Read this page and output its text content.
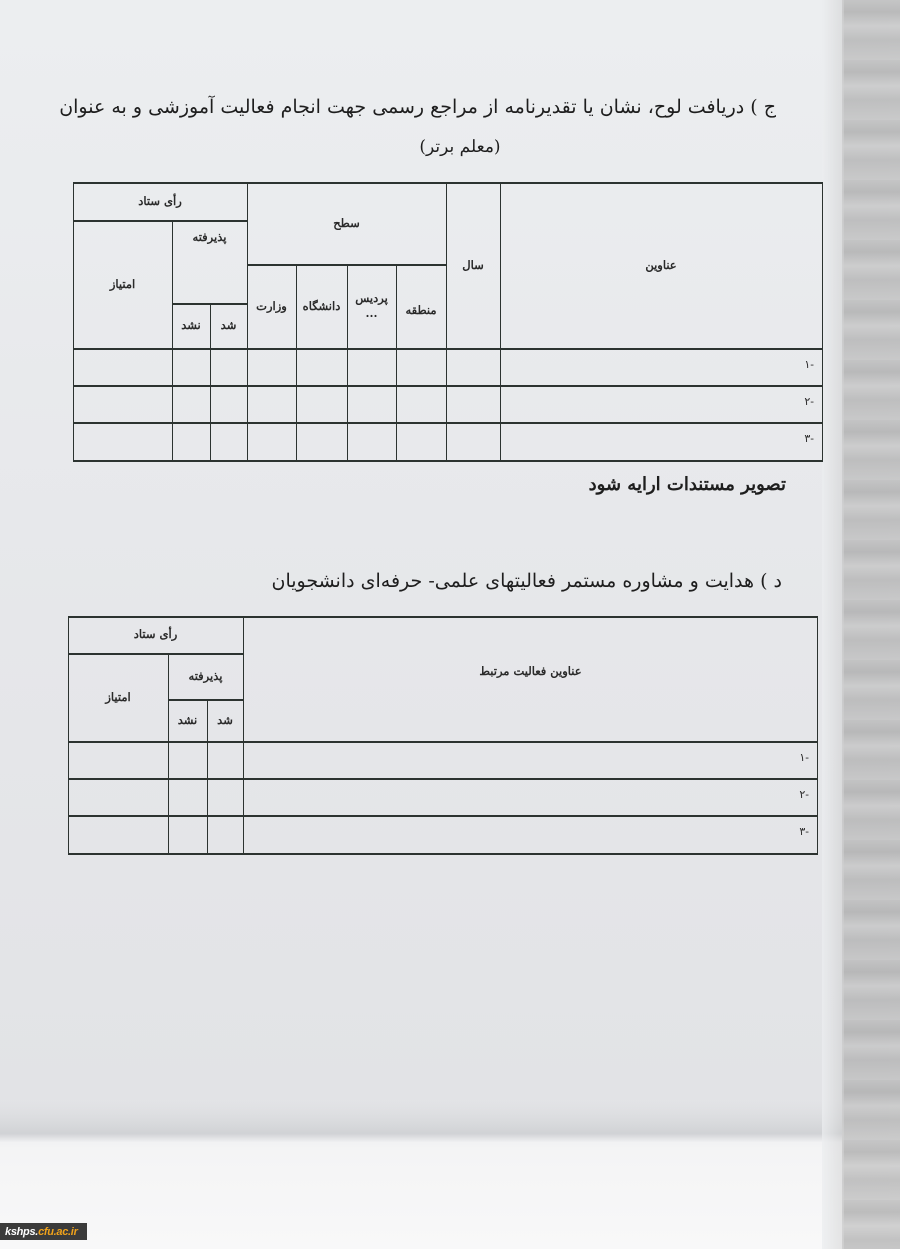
ج ) دریافت لوح، نشان یا تقدیرنامه از مراجع رسمی جهت انجام فعالیت آموزشی و به عنوان
(معلم برتر)
عناوین
سال
سطح
منطقه
پردیس
...
دانشگاه
وزارت
رأی ستاد
پذیرفته
شد
نشد
امتیاز
-۱
-۲
-۳
تصویر مستندات ارایه شود
د ) هدایت و مشاوره مستمر فعالیتهای علمی- حرفه‌ای دانشجویان
عناوین فعالیت مرتبط
رأی ستاد
پذیرفته
شد
نشد
امتیاز
-۱
-۲
-۳
kshps. cfu.ac.ir
